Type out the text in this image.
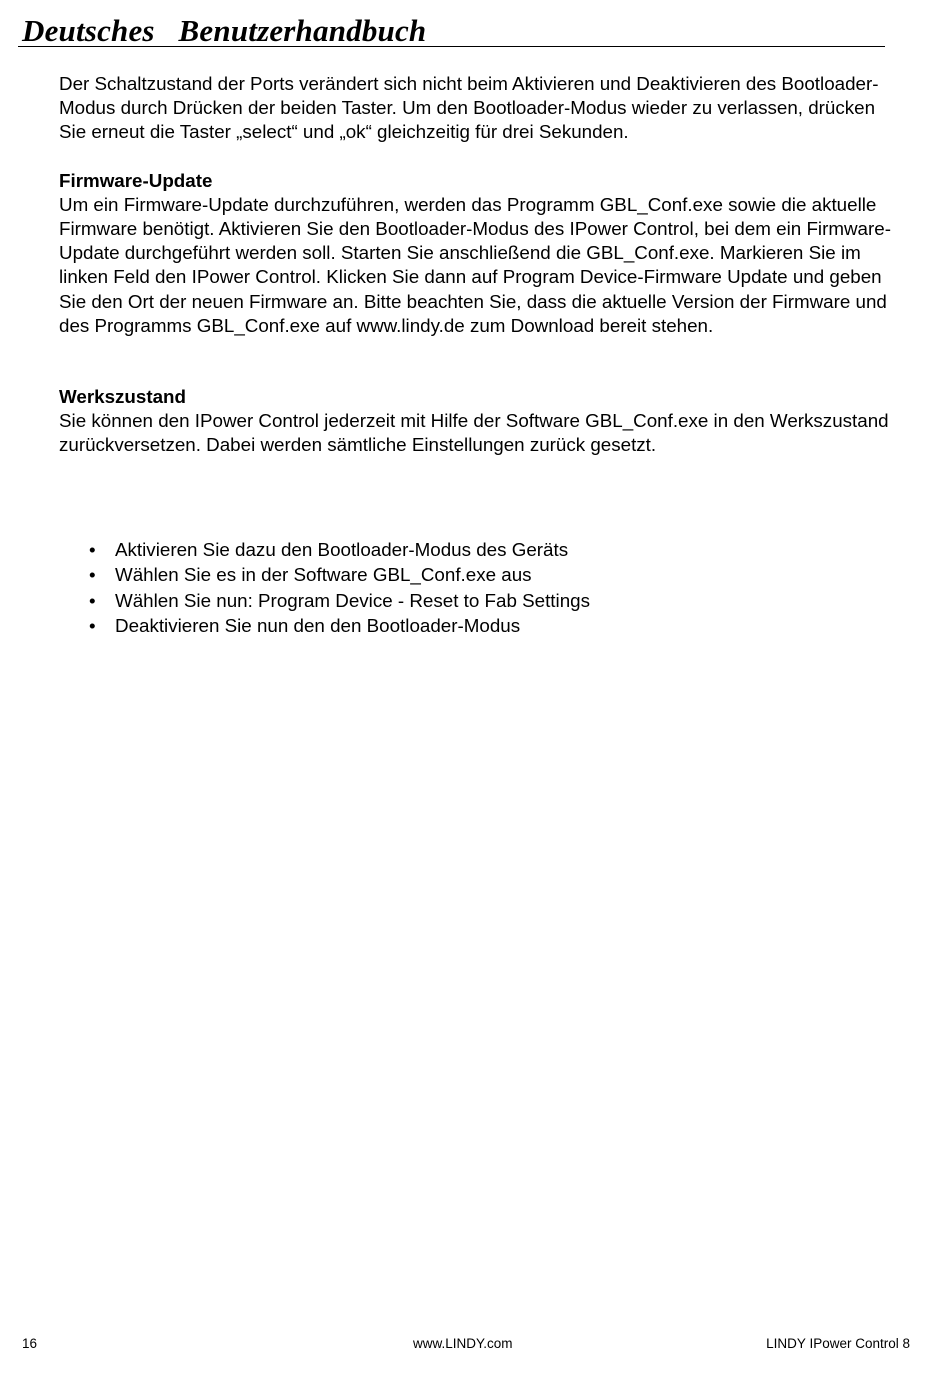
Deutsches   Benutzerhandbuch

Der Schaltzustand der Ports verändert sich nicht beim Aktivieren und Deaktivieren des Bootloader-Modus durch Drücken der beiden Taster. Um den Bootloader-Modus wieder zu verlassen, drücken Sie erneut die Taster „select“ und „ok“ gleichzeitig für drei Sekunden.

Firmware-Update

Um ein Firmware-Update durchzuführen, werden das Programm GBL_Conf.exe sowie die aktuelle Firmware benötigt. Aktivieren Sie den Bootloader-Modus des IPower Control, bei dem ein Firmware-Update durchgeführt werden soll. Starten Sie anschließend die GBL_Conf.exe. Markieren Sie im linken Feld den IPower Control. Klicken Sie dann auf Program Device-Firmware Update und geben Sie den Ort der neuen Firmware an. Bitte beachten Sie, dass die aktuelle Version der Firmware und des Programms GBL_Conf.exe auf www.lindy.de zum Download bereit stehen.

Werkszustand

Sie können den IPower Control jederzeit mit Hilfe der Software GBL_Conf.exe in den Werkszustand zurückversetzen. Dabei werden sämtliche Einstellungen zurück gesetzt.

• Aktivieren Sie dazu den Bootloader-Modus des Geräts
• Wählen Sie es in der Software GBL_Conf.exe aus
• Wählen Sie nun: Program Device - Reset to Fab Settings
• Deaktivieren Sie nun den den Bootloader-Modus
16	www.LINDY.com	LINDY IPower Control 8
